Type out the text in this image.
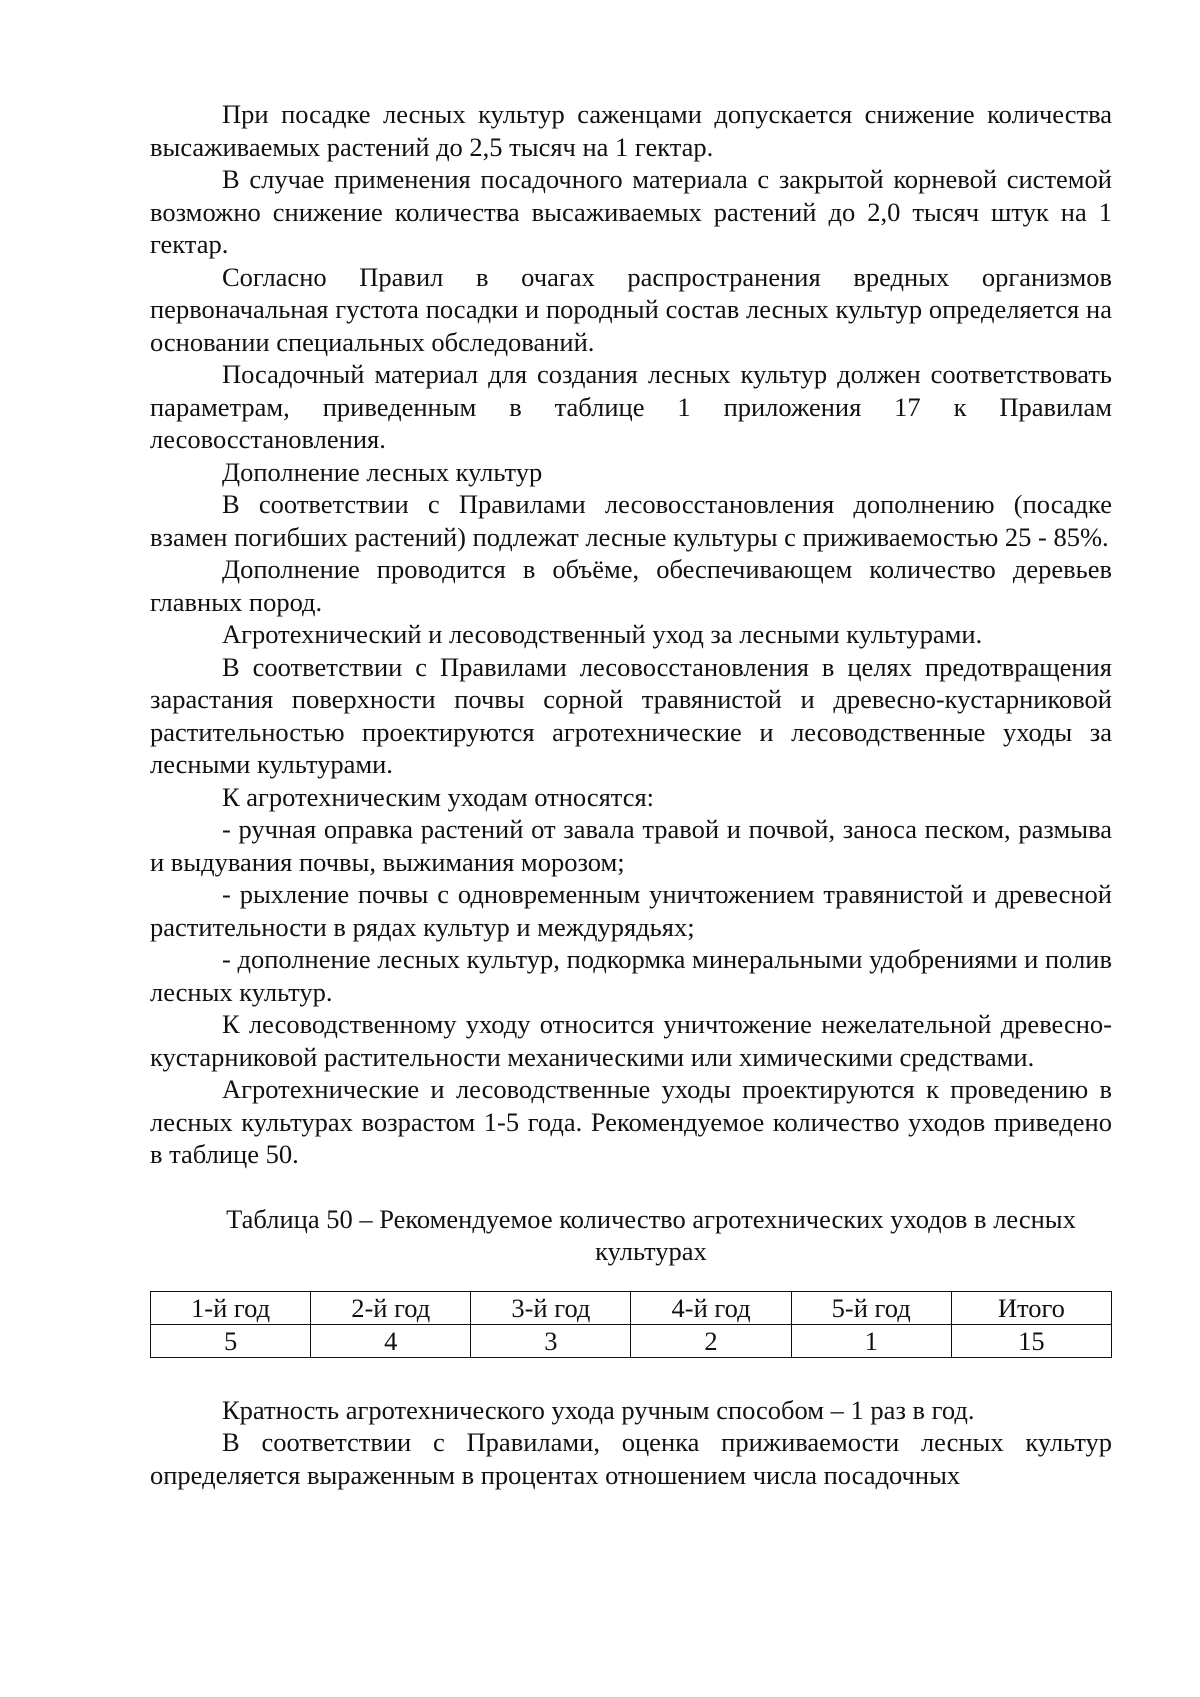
При посадке лесных культур саженцами допускается снижение количества высаживаемых растений до 2,5 тысяч на 1 гектар.

В случае применения посадочного материала с закрытой корневой системой возможно снижение количества высаживаемых растений до 2,0 тысяч штук на 1 гектар.

Согласно Правил в очагах распространения вредных организмов первоначальная густота посадки и породный состав лесных культур определяется на основании специальных обследований.

Посадочный материал для создания лесных культур должен соответствовать параметрам, приведенным в таблице 1 приложения 17 к Правилам лесовосстановления.

Дополнение лесных культур

В соответствии с Правилами лесовосстановления дополнению (посадке взамен погибших растений) подлежат лесные культуры с приживаемостью 25 - 85%.

Дополнение проводится в объёме, обеспечивающем количество деревьев главных пород.

Агротехнический и лесоводственный уход за лесными культурами.

В соответствии с Правилами лесовосстановления в целях предотвращения зарастания поверхности почвы сорной травянистой и древесно-кустарниковой растительностью проектируются агротехнические и лесоводственные уходы за лесными культурами.

К агротехническим уходам относятся:

- ручная оправка растений от завала травой и почвой, заноса песком, размыва и выдувания почвы, выжимания морозом;

- рыхление почвы с одновременным уничтожением травянистой и древесной растительности в рядах культур и междурядьях;

- дополнение лесных культур, подкормка минеральными удобрениями и полив лесных культур.

К лесоводственному уходу относится уничтожение нежелательной древесно-кустарниковой растительности механическими или химическими средствами.

Агротехнические и лесоводственные уходы проектируются к проведению в лесных культурах возрастом 1-5 года. Рекомендуемое количество уходов приведено в таблице 50.

Таблица 50 – Рекомендуемое количество агротехнических уходов в лесных культурах

1-й год	2-й год	3-й год	4-й год	5-й год	Итого
5	4	3	2	1	15

Кратность агротехнического ухода ручным способом – 1 раз в год.

В соответствии с Правилами, оценка приживаемости лесных культур определяется выраженным в процентах отношением числа посадочных
